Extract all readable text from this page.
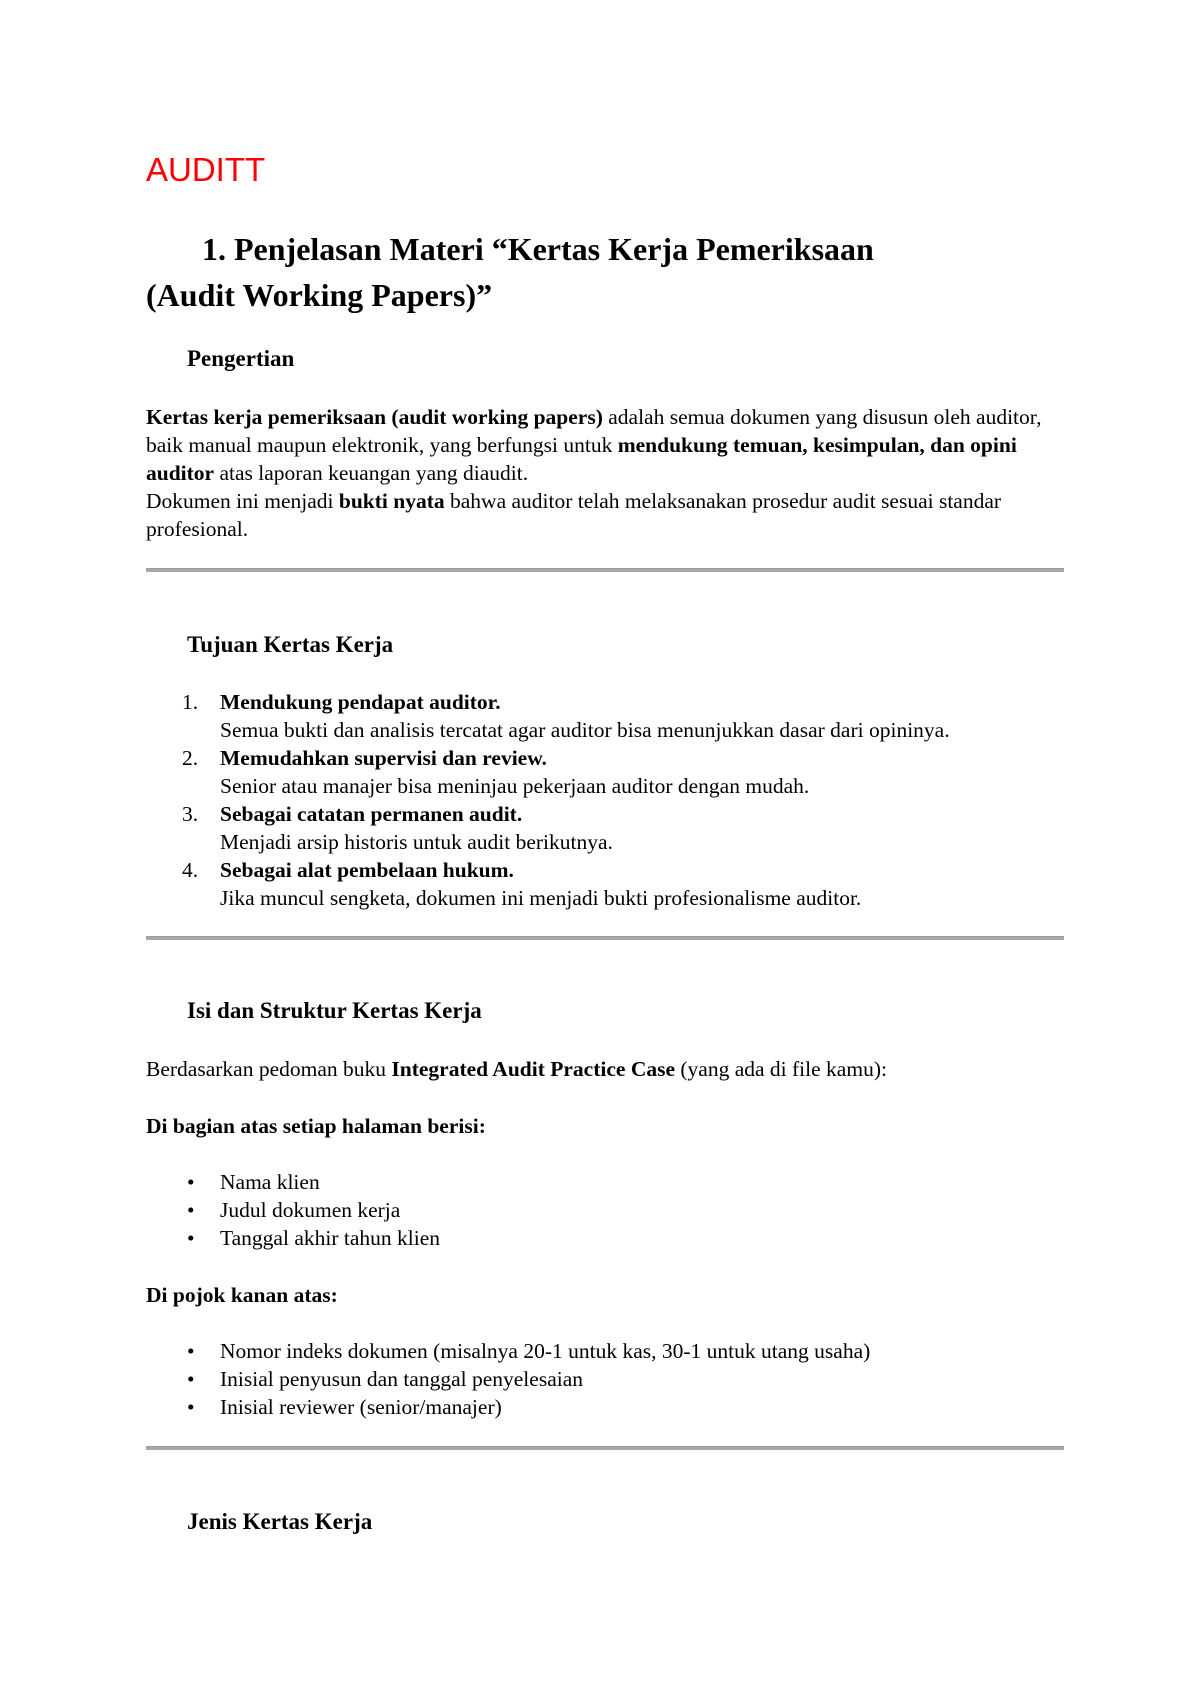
AUDITT
1. Penjelasan Materi “Kertas Kerja Pemeriksaan
(Audit Working Papers)”
Pengertian
Kertas kerja pemeriksaan (audit working papers) adalah semua dokumen yang disusun oleh auditor, baik manual maupun elektronik, yang berfungsi untuk mendukung temuan, kesimpulan, dan opini auditor atas laporan keuangan yang diaudit.
Dokumen ini menjadi bukti nyata bahwa auditor telah melaksanakan prosedur audit sesuai standar profesional.
Tujuan Kertas Kerja
1. Mendukung pendapat auditor.
Semua bukti dan analisis tercatat agar auditor bisa menunjukkan dasar dari opininya.
2. Memudahkan supervisi dan review.
Senior atau manajer bisa meninjau pekerjaan auditor dengan mudah.
3. Sebagai catatan permanen audit.
Menjadi arsip historis untuk audit berikutnya.
4. Sebagai alat pembelaan hukum.
Jika muncul sengketa, dokumen ini menjadi bukti profesionalisme auditor.
Isi dan Struktur Kertas Kerja
Berdasarkan pedoman buku Integrated Audit Practice Case (yang ada di file kamu):
Di bagian atas setiap halaman berisi:
• Nama klien
• Judul dokumen kerja
• Tanggal akhir tahun klien
Di pojok kanan atas:
• Nomor indeks dokumen (misalnya 20-1 untuk kas, 30-1 untuk utang usaha)
• Inisial penyusun dan tanggal penyelesaian
• Inisial reviewer (senior/manajer)
Jenis Kertas Kerja
